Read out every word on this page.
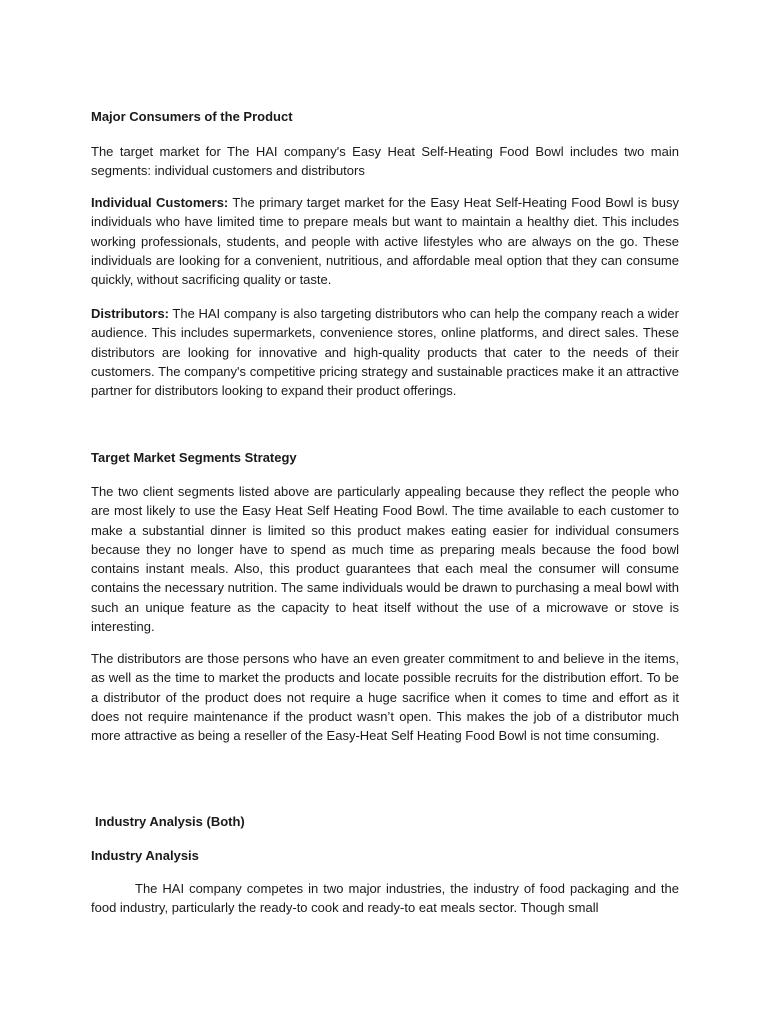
Major Consumers of the Product

The target market for The HAI company's Easy Heat Self-Heating Food Bowl includes two main segments: individual customers and distributors

Individual Customers: The primary target market for the Easy Heat Self-Heating Food Bowl is busy individuals who have limited time to prepare meals but want to maintain a healthy diet. This includes working professionals, students, and people with active lifestyles who are always on the go. These individuals are looking for a convenient, nutritious, and affordable meal option that they can consume quickly, without sacrificing quality or taste.

Distributors: The HAI company is also targeting distributors who can help the company reach a wider audience. This includes supermarkets, convenience stores, online platforms, and direct sales. These distributors are looking for innovative and high-quality products that cater to the needs of their customers. The company's competitive pricing strategy and sustainable practices make it an attractive partner for distributors looking to expand their product offerings.

Target Market Segments Strategy

The two client segments listed above are particularly appealing because they reflect the people who are most likely to use the Easy Heat Self Heating Food Bowl. The time available to each customer to make a substantial dinner is limited so this product makes eating easier for individual consumers because they no longer have to spend as much time as preparing meals because the food bowl contains instant meals. Also, this product guarantees that each meal the consumer will consume contains the necessary nutrition. The same individuals would be drawn to purchasing a meal bowl with such an unique feature as the capacity to heat itself without the use of a microwave or stove is interesting.

The distributors are those persons who have an even greater commitment to and believe in the items, as well as the time to market the products and locate possible recruits for the distribution effort. To be a distributor of the product does not require a huge sacrifice when it comes to time and effort as it does not require maintenance if the product wasn’t open. This makes the job of a distributor much more attractive as being a reseller of the Easy-Heat Self Heating Food Bowl is not time consuming.

Industry Analysis (Both)
Industry Analysis

The HAI company competes in two major industries, the industry of food packaging and the food industry, particularly the ready-to cook and ready-to eat meals sector. Though small
